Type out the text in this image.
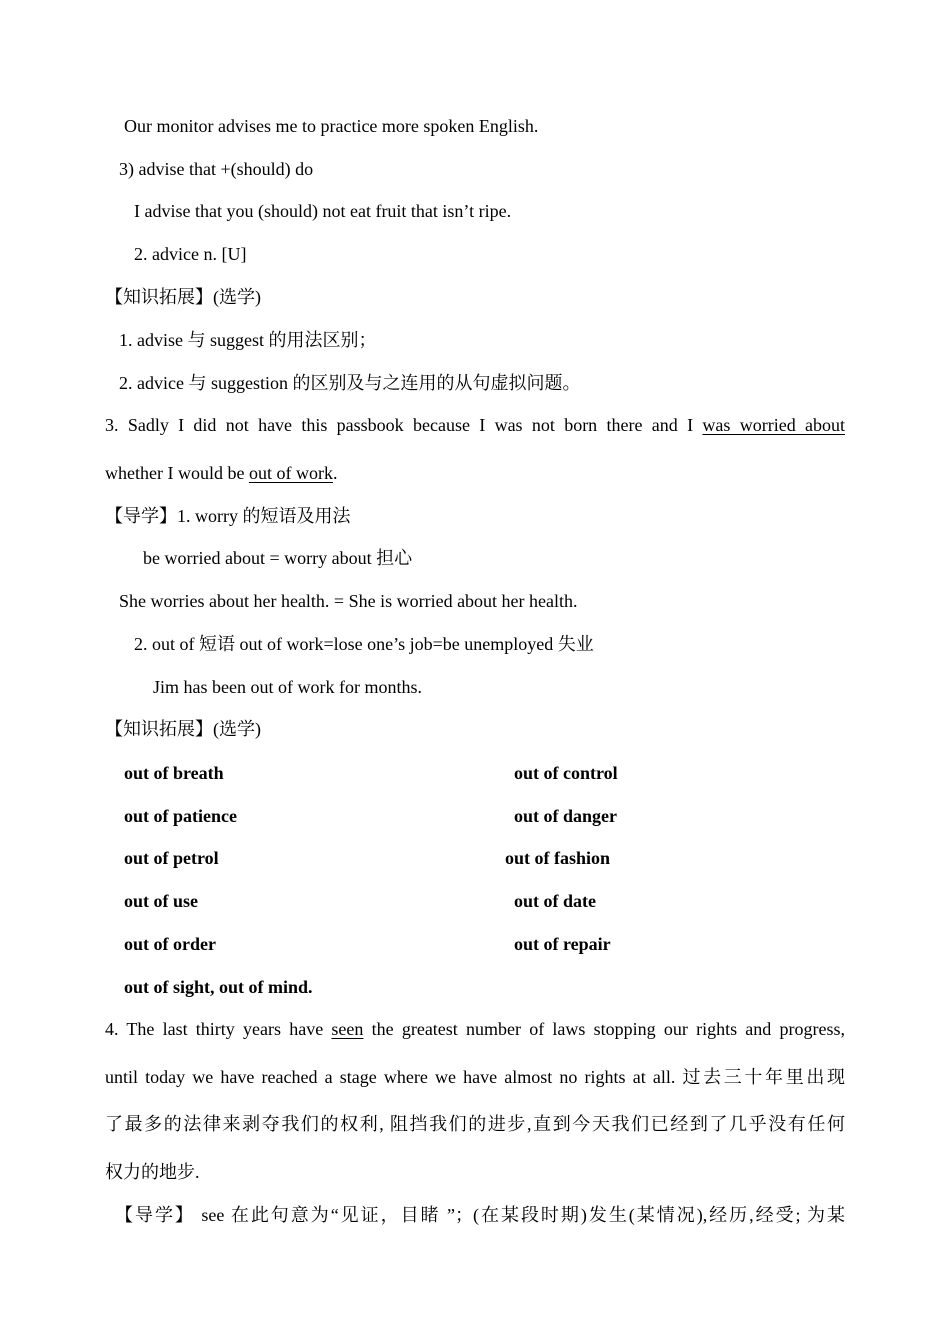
Our monitor advises me to practice more spoken English.
3) advise that +(should) do
I advise that you (should) not eat fruit that isn’t ripe.
2. advice n. [U]
【知识拓展】(选学)
1. advise 与 suggest 的用法区别；
2. advice 与 suggestion 的区别及与之连用的从句虚拟问题。
3. Sadly I did not have this passbook because I was not born there and I was worried about
whether I would be out of work.
【导学】1. worry 的短语及用法
be worried about = worry about 担心
She worries about her health. = She is worried about her health.
2. out of 短语 out of work=lose one’s job=be unemployed 失业
Jim has been out of work for months.
【知识拓展】(选学)
out of breath	out of control
out of patience	out of danger
out of petrol	out of fashion
out of use	out of date
out of order	out of repair
out of sight, out of mind.
4. The last thirty years have seen the greatest number of laws stopping our rights and progress,
until today we have reached a stage where we have almost no rights at all. 过去三十年里出现
了最多的法律来剥夺我们的权利, 阻挡我们的进步,直到今天我们已经到了几乎没有任何
权力的地步.
【导学】 see 在此句意为“见证，目睹 ”；(在某段时期)发生(某情况),经历,经受; 为某
